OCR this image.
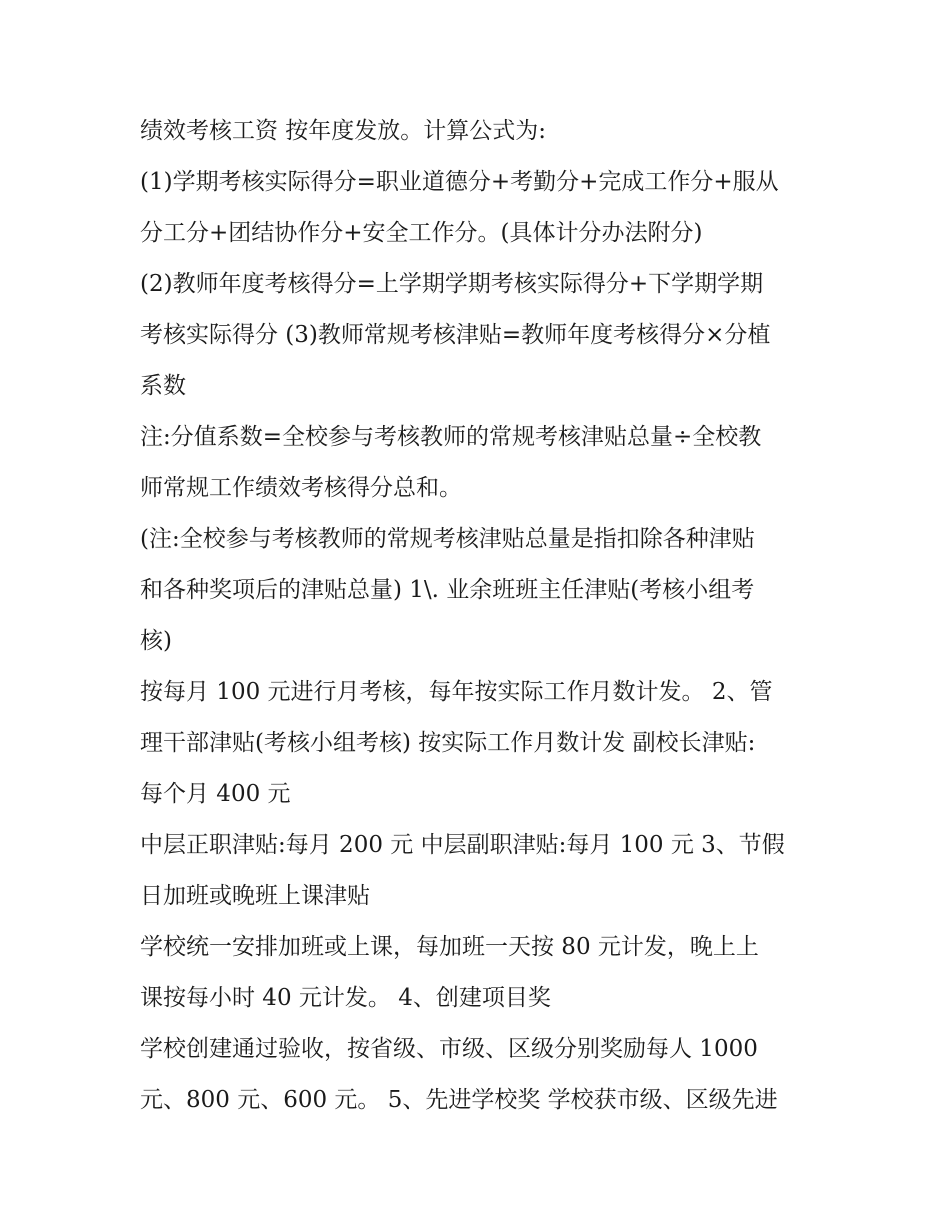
绩效考核工资 按年度发放。计算公式为:
(1)学期考核实际得分=职业道德分+考勤分+完成工作分+服从
分工分+团结协作分+安全工作分。(具体计分办法附分)
(2)教师年度考核得分=上学期学期考核实际得分+下学期学期
考核实际得分 (3)教师常规考核津贴=教师年度考核得分×分植
系数
注:分值系数=全校参与考核教师的常规考核津贴总量÷全校教
师常规工作绩效考核得分总和。
(注:全校参与考核教师的常规考核津贴总量是指扣除各种津贴
和各种奖项后的津贴总量) 1\. 业余班班主任津贴(考核小组考
核)
按每月 100 元进行月考核，每年按实际工作月数计发。 2、管
理干部津贴(考核小组考核) 按实际工作月数计发 副校长津贴:
每个月 400 元
中层正职津贴:每月 200 元 中层副职津贴:每月 100 元 3、节假
日加班或晚班上课津贴
学校统一安排加班或上课，每加班一天按 80 元计发，晚上上
课按每小时 40 元计发。 4、创建项目奖
学校创建通过验收，按省级、市级、区级分别奖励每人 1000
元、800 元、600 元。 5、先进学校奖 学校获市级、区级先进
